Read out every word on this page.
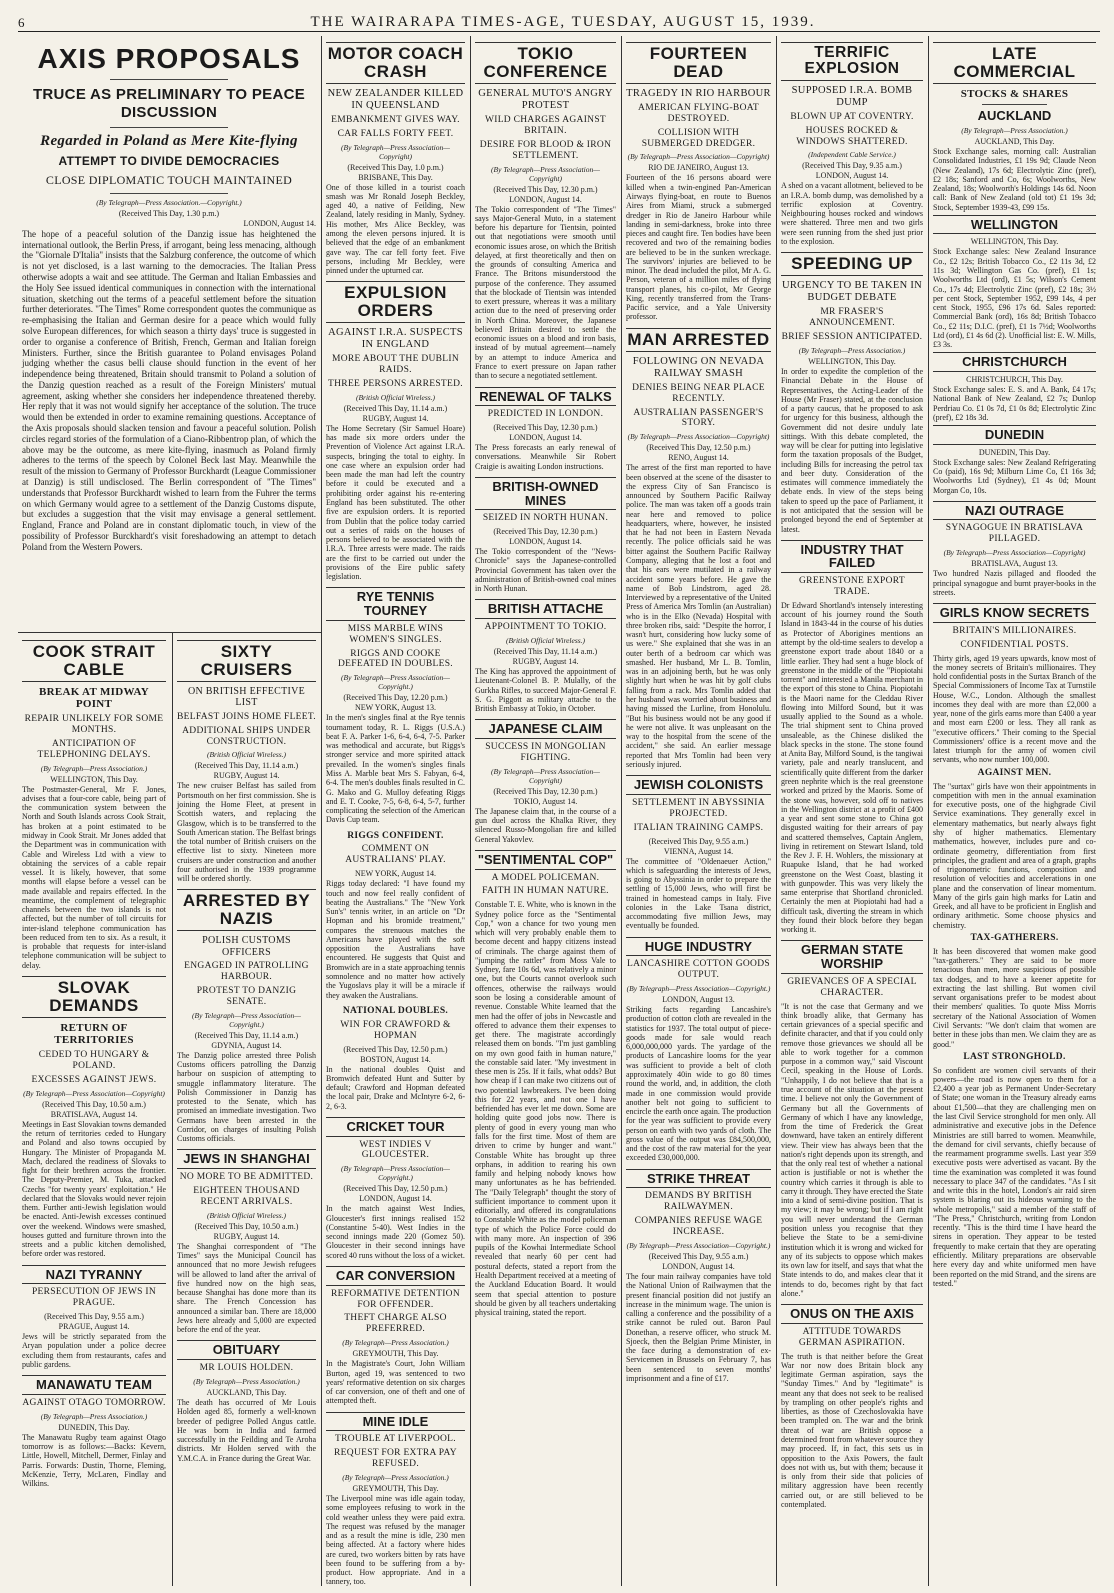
6	THE WAIRARAPA TIMES-AGE, TUESDAY, AUGUST 15, 1939.
AXIS PROPOSALS
TRUCE AS PRELIMINARY TO PEACE DISCUSSION
Regarded in Poland as Mere Kite-flying
ATTEMPT TO DIVIDE DEMOCRACIES
CLOSE DIPLOMATIC TOUCH MAINTAINED
(By Telegraph—Press Association.—Copyright.)
(Received This Day, 1.30 p.m.)
LONDON, August 14.
The hope of a peaceful solution of the Danzig issue has heightened the international outlook, the Berlin Press, if arrogant, being less menacing, although the "Giornale D'Italia" insists that the Salzburg conference, the outcome of which is not yet disclosed, is a last warning to the democracies. The Italian Press otherwise adopts a wait and see attitude. The German and Italian Embassies and the Holy See issued identical communiques in connection with the international situation, sketching out the terms of a peaceful settlement before the situation further deteriorates. "The Times" Rome correspondent quotes the communique as re-emphasising the Italian and German desire for a peace which would fully solve European differences, for which season a thirty days' truce is suggested in order to organise a conference of British, French, German and Italian foreign Ministers. Further, since the British guarantee to Poland envisages Poland judging whether the casus belli clause should function in the event of her independence being threatened, Britain should transmit to Poland a solution of the Danzig question reached as a result of the Foreign Ministers' mutual agreement, asking whether she considers her independence threatened thereby. Her reply that it was not would signify her acceptance of the solution. The truce would then be extended in order to examine remaining questions. Acceptance of the Axis proposals should slacken tension and favour a peaceful solution. Polish circles regard stories of the formulation of a Ciano-Ribbentrop plan, of which the above may be the outcome, as mere kite-flying, inasmuch as Poland firmly adheres to the terms of the speech by Colonel Beck last May. Meanwhile the result of the mission to Germany of Professor Burckhardt (League Commissioner at Danzig) is still undisclosed. The Berlin correspondent of "The Times" understands that Professor Burckhardt wished to learn from the Fuhrer the terms on which Germany would agree to a settlement of the Danzig Customs dispute, but excludes a suggestion that the visit may envisage a general settlement. England, France and Poland are in constant diplomatic touch, in view of the possibility of Professor Burckhardt's visit foreshadowing an attempt to detach Poland from the Western Powers.
COOK STRAIT CABLE
BREAK AT MIDWAY POINT
REPAIR UNLIKELY FOR SOME MONTHS.
ANTICIPATION OF TELEPHONING DELAYS.
(By Telegraph—Press Association.)
WELLINGTON, This Day.
The Postmaster-General, Mr F. Jones, advises that a four-core cable, being part of the communication system between the North and South Islands across Cook Strait, has broken at a point estimated to be midway in Cook Strait. Mr Jones added that the Department was in communication with Cable and Wireless Ltd with a view to obtaining the services of a cable repair vessel. It is likely, however, that some months will elapse before a vessel can be made available and repairs effected. In the meantime, the complement of telegraphic channels between the two islands is not affected, but the number of toll circuits for inter-island telephone communication has been reduced from ten to six. As a result, it is probable that requests for inter-island telephone communication will be subject to delay.
SLOVAK DEMANDS
RETURN OF TERRITORIES
CEDED TO HUNGARY & POLAND.
EXCESSES AGAINST JEWS.
(By Telegraph—Press Association—Copyright)
(Received This Day, 10.50 a.m.)
BRATISLAVA, August 14.
Meetings in East Slovakian towns demanded the return of territories ceded to Hungary and Poland and also towns occupied by Hungary. The Minister of Propaganda M. Mach, declared the readiness of Slovaks to fight for their brethren across the frontier. The Deputy-Premier, M. Tuka, attacked Czechs "for twenty years' exploitation." He declared that the Slovaks would never rejoin them. Further anti-Jewish legislation would be enacted. Anti-Jewish excesses continued over the weekend. Windows were smashed, houses gutted and furniture thrown into the streets and a public kitchen demolished, before order was restored.
NAZI TYRANNY
PERSECUTION OF JEWS IN PRAGUE.
(Received This Day, 9.55 a.m.)
PRAGUE, August 14.
Jews will be strictly separated from the Aryan population under a police decree excluding them from restaurants, cafes and public gardens.
MANAWATU TEAM
AGAINST OTAGO TOMORROW.
(By Telegraph—Press Association.)
DUNEDIN, This Day.
The Manawatu Rugby team against Otago tomorrow is as follows:—Backs: Kevern, Little, Howell, Mitchell, Dermer, Finlay and Parris. Forwards: Dustin, Thorne, Fleming, McKenzie, Terry, McLaren, Findlay and Wilkins.
SIXTY CRUISERS
ON BRITISH EFFECTIVE LIST
BELFAST JOINS HOME FLEET.
ADDITIONAL SHIPS UNDER CONSTRUCTION.
(British Official Wireless.)
(Received This Day, 11.14 a.m.)
RUGBY, August 14.
The new cruiser Belfast has sailed from Portsmouth on her first commission. She is joining the Home Fleet, at present in Scottish waters, and replacing the Glasgow, which is to be transferred to the South American station. The Belfast brings the total number of British cruisers on the effective list to sixty. Nineteen more cruisers are under construction and another four authorised in the 1939 programme will be ordered shortly.
ARRESTED BY NAZIS
POLISH CUSTOMS OFFICERS
ENGAGED IN PATROLLING HARBOUR.
PROTEST TO DANZIG SENATE.
(By Telegraph—Press Association—Copyright.)
(Received This Day, 11.14 a.m.)
GDYNIA, August 14.
The Danzig police arrested three Polish Customs officers patrolling the Danzig harbour on suspicion of attempting to smuggle inflammatory literature. The Polish Commissioner in Danzig has protested to the Senate, which has promised an immediate investigation. Two Germans have been arrested in the Corridor, on charges of insulting Polish Customs officials.
JEWS IN SHANGHAI
NO MORE TO BE ADMITTED.
EIGHTEEN THOUSAND RECENT ARRIVALS.
(British Official Wireless.)
(Received This Day, 10.50 a.m.)
RUGBY, August 14.
The Shanghai correspondent of "The Times" says the Municipal Council has announced that no more Jewish refugees will be allowed to land after the arrival of five hundred now on the high seas, because Shanghai has done more than its share. The French Concession has announced a similar ban. There are 18,000 Jews here already and 5,000 are expected before the end of the year.
OBITUARY
MR LOUIS HOLDEN.
(By Telegraph—Press Association.)
AUCKLAND, This Day.
The death has occurred of Mr Louis Holden aged 85, formerly a well-known breeder of pedigree Polled Angus cattle. He was born in India and farmed successfully in the Feilding and Te Aroha districts. Mr Holden served with the Y.M.C.A. in France during the Great War.
MOTOR COACH CRASH
NEW ZEALANDER KILLED IN QUEENSLAND
EMBANKMENT GIVES WAY.
CAR FALLS FORTY FEET.
(By Telegraph—Press Association—Copyright)
(Received This Day, 1.0 p.m.)
BRISBANE, This Day.
One of those killed in a tourist coach smash was Mr Ronald Joseph Beckley, aged 40, a native of Feilding, New Zealand, lately residing in Manly, Sydney. His mother, Mrs Alice Beckley, was among the eleven persons injured. It is believed that the edge of an embankment gave way. The car fell forty feet. Five persons, including Mr Beckley, were pinned under the upturned car.
EXPULSION ORDERS
AGAINST I.R.A. SUSPECTS IN ENGLAND
MORE ABOUT THE DUBLIN RAIDS.
THREE PERSONS ARRESTED.
(British Official Wireless.)
(Received This Day, 11.14 a.m.)
RUGBY, August 14.
The Home Secretary (Sir Samuel Hoare) has made six more orders under the Prevention of Violence Act against I.R.A. suspects, bringing the total to eighty. In one case where an expulsion order had been made the man had left the country before it could be executed and a prohibiting order against his re-entering England has been substituted. The other five are expulsion orders. It is reported from Dublin that the police today carried out a series of raids on the houses of persons believed to be associated with the I.R.A. Three arrests were made. The raids are the first to be carried out under the provisions of the Eire public safety legislation.
RYE TENNIS TOURNEY
MISS MARBLE WINS WOMEN'S SINGLES.
RIGGS AND COOKE DEFEATED IN DOUBLES.
(By Telegraph—Press Association—Copyright.)
(Received This Day, 12.20 p.m.)
NEW YORK, August 13.
In the men's singles final at the Rye tennis tournament today, R. L. Riggs (U.S.A.) beat F. A. Parker 1-6, 6-4, 6-4, 7-5. Parker was methodical and accurate, but Riggs's stronger service and more spirited attack prevailed. In the women's singles finals Miss A. Marble beat Mrs S. Fabyan, 6-4, 6-4. The men's doubles finals resulted in C. G. Mako and G. Mulloy defeating Riggs and E. T. Cooke, 7-5, 6-8, 6-4, 5-7, further complicating the selection of the American Davis Cup team.
RIGGS CONFIDENT.
COMMENT ON AUSTRALIANS' PLAY.
NEW YORK, August 14.
Riggs today declared: "I have found my touch and now feel really confident of beating the Australians." The "New York Sun's" tennis writer, in an article on "Dr Hopman and his bromide treatment," compares the strenuous matches the Americans have played with the soft opposition the Australians have encountered. He suggests that Quist and Bromwich are in a state approaching tennis somnolence and no matter how actively the Yugoslavs play it will be a miracle if they awaken the Australians.
NATIONAL DOUBLES.
WIN FOR CRAWFORD & HOPMAN
(Received This Day, 12.50 p.m.)
BOSTON, August 14.
In the national doubles Quist and Bromwich defeated Hunt and Sutter by default; Crawford and Hopman defeated the local pair, Drake and McIntyre 6-2, 6-2, 6-3.
CRICKET TOUR
WEST INDIES V GLOUCESTER.
(By Telegraph—Press Association—Copyright.)
(Received This Day, 12.50 p.m.)
LONDON, August 14.
In the match against West Indies, Gloucester's first innings realised 152 (Constantine 5-40). West Indies in the second innings made 220 (Gomez 50). Gloucester in their second innings have scored 40 runs without the loss of a wicket.
CAR CONVERSION
REFORMATIVE DETENTION FOR OFFENDER.
THEFT CHARGE ALSO PREFERRED.
(By Telegraph—Press Association.)
GREYMOUTH, This Day.
In the Magistrate's Court, John William Burton, aged 19, was sentenced to two years' reformative detention on six charges of car conversion, one of theft and one of attempted theft.
MINE IDLE
TROUBLE AT LIVERPOOL.
REQUEST FOR EXTRA PAY REFUSED.
(By Telegraph—Press Association.)
GREYMOUTH, This Day.
The Liverpool mine was idle again today, some employees refusing to work in the cold weather unless they were paid extra. The request was refused by the manager and as a result the mine is idle, 230 men being affected. At a factory where hides are cured, two workers bitten by rats have been found to be suffering from a by-product. How appropriate. And in a tannery, too.
TOKIO CONFERENCE
GENERAL MUTO'S ANGRY PROTEST
WILD CHARGES AGAINST BRITAIN.
DESIRE FOR BLOOD & IRON SETTLEMENT.
(By Telegraph—Press Association—Copyright)
(Received This Day, 12.30 p.m.)
LONDON, August 14.
The Tokio correspondent of "The Times" says Major-General Muto, in a statement before his departure for Tientsin, pointed out that negotiations were smooth until economic issues arose, on which the British delayed, at first theoretically and then on the grounds of consulting America and France. The Britons misunderstood the purpose of the conference. They assumed that the blockade of Tientsin was intended to exert pressure, whereas it was a military action due to the need of preserving order in North China. Moreover, the Japanese believed Britain desired to settle the economic issues on a blood and iron basis, instead of by mutual agreement—namely by an attempt to induce America and France to exert pressure on Japan rather than to secure a negotiated settlement.
RENEWAL OF TALKS
PREDICTED IN LONDON.
(Received This Day, 12.30 p.m.)
LONDON, August 14.
The Press forecasts an early renewal of conversations. Meanwhile Sir Robert Craigie is awaiting London instructions.
BRITISH-OWNED MINES
SEIZED IN NORTH HUNAN.
(Received This Day, 12.30 p.m.)
LONDON, August 14.
The Tokio correspondent of the "News-Chronicle" says the Japanese-controlled Provincial Government has taken over the administration of British-owned coal mines in North Hunan.
BRITISH ATTACHE
APPOINTMENT TO TOKIO.
(British Official Wireless.)
(Received This Day, 11.14 a.m.)
RUGBY, August 14.
The King has approved the appointment of Lieutenant-Colonel B. P. Mulally, of the Gurkha Rifles, to succeed Major-General F. S. G. Piggott as military attache to the British Embassy at Tokio, in October.
JAPANESE CLAIM
SUCCESS IN MONGOLIAN FIGHTING.
(By Telegraph—Press Association—Copyright)
(Received This Day, 12.30 p.m.)
TOKIO, August 14.
The Japanese claim that, in the course of a gun duel across the Khalka River, they silenced Russo-Mongolian fire and killed General Yakovlev.
"SENTIMENTAL COP"
A MODEL POLICEMAN.
FAITH IN HUMAN NATURE.
Constable T. E. White, who is known in the Sydney police force as the "Sentimental Cop," won a chance for two young men which will very probably enable them to become decent and happy citizens instead of criminals. The charge against them of "jumping the rattler" from Moss Vale to Sydney, fare 10s 6d, was relatively a minor one, but the Courts cannot overlook such offences, otherwise the railways would soon be losing a considerable amount of revenue. Constable White learned that the men had the offer of jobs in Newcastle and offered to advance them their expenses to get there. The magistrate accordingly released them on bonds. "I'm just gambling on my own good faith in human nature," the constable said later. "My investment in these men is 25s. If it fails, what odds? But how cheap if I can make two citizens out of two potential lawbreakers. I've been doing this for 22 years, and not one I have befriended has ever let me down. Some are holding quite good jobs now. There is plenty of good in every young man who falls for the first time. Most of them are driven to crime by hunger and want." Constable White has brought up three orphans, in addition to rearing his own family and helping nobody knows how many unfortunates as he has befriended. The "Daily Telegraph" thought the story of sufficient importance to comment upon it editorially, and offered its congratulations to Constable White as the model policeman type of which the Police Force could do with many more. An inspection of 396 pupils of the Kowhai Intermediate School revealed that nearly 60 per cent had postural defects, stated a report from the Health Department received at a meeting of the Auckland Education Board. It would seem that special attention to posture should be given by all teachers undertaking physical training, stated the report.
FOURTEEN DEAD
TRAGEDY IN RIO HARBOUR
AMERICAN FLYING-BOAT DESTROYED.
COLLISION WITH SUBMERGED DREDGER.
(By Telegraph—Press Association—Copyright)
RIO DE JANEIRO, August 13.
Fourteen of the 16 persons aboard were killed when a twin-engined Pan-American Airways flying-boat, en route to Buenos Aires from Miami, struck a submerged dredger in Rio de Janeiro Harbour while landing in semi-darkness, broke into three pieces and caught fire. Ten bodies have been recovered and two of the remaining bodies are believed to be in the sunken wreckage. The survivors' injuries are believed to be minor. The dead included the pilot, Mr A. G. Person, veteran of a million miles of flying transport planes, his co-pilot, Mr George King, recently transferred from the Trans-Pacific service, and a Yale University professor.
MAN ARRESTED
FOLLOWING ON NEVADA RAILWAY SMASH
DENIES BEING NEAR PLACE RECENTLY.
AUSTRALIAN PASSENGER'S STORY.
(By Telegraph—Press Association—Copyright)
(Received This Day, 12.50 p.m.)
RENO, August 14.
The arrest of the first man reported to have been observed at the scene of the disaster to the express City of San Francisco is announced by Southern Pacific Railway police. The man was taken off a goods train near here and removed to police headquarters, where, however, he insisted that he had not been in Eastern Nevada recently. The police officials said he was bitter against the Southern Pacific Railway Company, alleging that he lost a foot and that his ears were mutilated in a railway accident some years before. He gave the name of Bob Lindstrom, aged 28. Interviewed by a representative of the United Press of America Mrs Tomlin (an Australian) who is in the Elko (Nevada) Hospital with three broken ribs, said: "Despite the horror, I wasn't hurt, considering how lucky some of us were." She explained that she was in an outer berth of a bedroom car which was smashed. Her husband, Mr L. B. Tomlin, was in an adjoining berth, but he was only slightly hurt when he was hit by golf clubs falling from a rack. Mrs Tomlin added that her husband was worried about business and having missed the Lurline, from Honolulu. "But his business would not be any good if he were not alive. It was unpleasant on the way to the hospital from the scene of the accident," she said. An earlier message reported that Mrs Tomlin had been very seriously injured.
JEWISH COLONISTS
SETTLEMENT IN ABYSSINIA PROJECTED.
ITALIAN TRAINING CAMPS.
(Received This Day, 9.55 a.m.)
VIENNA, August 14.
The committee of "Oldenaeuer Action," which is safeguarding the interests of Jews, is going to Abyssinia in order to prepare the settling of 15,000 Jews, who will first be trained in homestead camps in Italy. Five colonies in the Lake Tsana district, accommodating five million Jews, may eventually be founded.
HUGE INDUSTRY
LANCASHIRE COTTON GOODS OUTPUT.
(By Telegraph—Press Association—Copyright.)
LONDON, August 13.
Striking facts regarding Lancashire's production of cotton cloth are revealed in the statistics for 1937. The total output of piece-goods made for sale would reach 6,000,000,000 yards. The yardage of the products of Lancashire looms for the year was sufficient to provide a belt of cloth approximately 40in wide to go 80 times round the world, and, in addition, the cloth made in one commission would provide another belt not going to sufficient to encircle the earth once again. The production for the year was sufficient to provide every person on earth with two yards of cloth. The gross value of the output was £84,500,000, and the cost of the raw material for the year exceeded £30,000,000.
STRIKE THREAT
DEMANDS BY BRITISH RAILWAYMEN.
COMPANIES REFUSE WAGE INCREASE.
(By Telegraph—Press Association—Copyright.)
(Received This Day, 9.55 a.m.)
LONDON, August 14.
The four main railway companies have told the National Union of Railwaymen that the present financial position did not justify an increase in the minimum wage. The union is calling a conference and the possibility of a strike cannot be ruled out. Baron Paul Donethan, a reserve officer, who struck M. Sjoeck, then the Belgian Prime Minister, in the face during a demonstration of ex-Servicemen in Brussels on February 7, has been sentenced to seven months' imprisonment and a fine of £17.
TERRIFIC EXPLOSION
SUPPOSED I.R.A. BOMB DUMP
BLOWN UP AT COVENTRY.
HOUSES ROCKED & WINDOWS SHATTERED.
(Independent Cable Service.)
(Received This Day, 9.35 a.m.)
LONDON, August 14.
A shed on a vacant allotment, believed to be an I.R.A. bomb dump, was demolished by a terrific explosion at Coventry. Neighbouring houses rocked and windows were shattered. Three men and two girls were seen running from the shed just prior to the explosion.
SPEEDING UP
URGENCY TO BE TAKEN IN BUDGET DEBATE
MR FRASER'S ANNOUNCEMENT.
BRIEF SESSION ANTICIPATED.
(By Telegraph—Press Association.)
WELLINGTON, This Day.
In order to expedite the completion of the Financial Debate in the House of Representatives, the Acting-Leader of the House (Mr Fraser) stated, at the conclusion of a party caucus, that he proposed to ask for urgency for this business, although the Government did not desire unduly late sittings. With this debate completed, the way will be clear for putting into legislative form the taxation proposals of the Budget, including Bills for increasing the petrol tax and beer duty. Consideration of the estimates will commence immediately the debate ends. In view of the steps being taken to speed up the pace of Parliament, it is not anticipated that the session will be prolonged beyond the end of September at latest.
INDUSTRY THAT FAILED
GREENSTONE EXPORT TRADE.
Dr Edward Shortland's intensely interesting account of his journey round the South Island in 1843-44 in the course of his duties as Protector of Aborigines mentions an attempt by the old-time sealers to develop a greenstone export trade about 1840 or a little earlier. They had sent a huge block of greenstone in the middle of the "Piopiotahi torrent" and interested a Manila merchant in the export of this stone to China. Piopiotahi is the Maori name for the Cleddau River flowing into Milford Sound, but it was usually applied to the Sound as a whole. The trial shipment sent to China proved unsaleable, as the Chinese disliked the black specks in the stone. The stone found at Anita Bay, Milford Sound, is the tangiwai variety, pale and nearly translucent, and scientifically quite different from the darker green nephrite which is the real greenstone worked and prized by the Maoris. Some of the stone was, however, sold off to natives in the Wellington district at a profit of £400 a year and sent some stone to China got disgusted waiting for their arrears of pay and scattered themselves, Captain Anglem, living in retirement on Stewart Island, told the Rev J. F. H. Wohlers, the missionary at Ruapuke Island, that he had worked greenstone on the West Coast, blasting it with gunpowder. This was very likely the same enterprise that Shortland chronicled. Certainly the men at Piopiotahi had had a difficult task, diverting the stream in which they found their block before they began working it.
GERMAN STATE WORSHIP
GRIEVANCES OF A SPECIAL CHARACTER.
"It is not the case that Germany and we think broadly alike, that Germany has certain grievances of a special specific and definite character, and that if you could only remove those grievances we should all be able to work together for a common purpose in a common way," said Viscount Cecil, speaking in the House of Lords. "Unhappily, I do not believe that that is a true account of the situation at the present time. I believe not only the Government of Germany but all the Governments of Germany of which I have any knowledge, from the time of Frederick the Great downward, have taken an entirely different view. Their view has always been that the nation's right depends upon its strength, and that the only real test of whether a national action is justifiable or not is whether the country which carries it through is able to carry it through. They have erected the State into a kind of semi-divine position. That is my view; it may be wrong; but if I am right you will never understand the German position unless you recognise that they believe the State to be a semi-divine institution which it is wrong and wicked for any of its subjects to oppose which makes its own law for itself, and says that what the State intends to do, and makes clear that it intends to do, becomes right by that fact alone."
ONUS ON THE AXIS
ATTITUDE TOWARDS GERMAN ASPIRATION.
The truth is that neither before the Great War nor now does Britain block any legitimate German aspiration, says the "Sunday Times." And by "legitimate" is meant any that does not seek to be realised by trampling on other people's rights and liberties, as those of Czechoslovakia have been trampled on. The war and the brink threat of war are British oppose a determined front from whatever source they may proceed. If, in fact, this sets us in opposition to the Axis Powers, the fault does not with us, but with them; because it is only from their side that policies of military aggression have been recently carried out, or are still believed to be contemplated.
LATE COMMERCIAL
STOCKS & SHARES
AUCKLAND
(By Telegraph—Press Association.)
AUCKLAND, This Day.
Stock Exchange sales, morning call: Australian Consolidated Industries, £1 19s 9d; Claude Neon (New Zealand), 17s 6d; Electrolytic Zinc (pref), £2 18s; Sanford and Co, 6s; Woolworths, New Zealand, 18s; Woolworth's Holdings 14s 6d. Noon call: Bank of New Zealand (old tot) £1 19s 3d; Stock, September 1939-43, £99 15s.
WELLINGTON
WELLINGTON, This Day.
Stock Exchange sales: New Zealand Insurance Co., £2 12s; British Tobacco Co., £2 11s 3d, £2 11s 3d; Wellington Gas Co. (pref), £1 1s; Woolworths Ltd (ord), £1 5s; Wilson's Cement Co., 17s 4d; Electrolytic Zinc (pref), £2 18s; 3½ per cent Stock, September 1952, £99 14s, 4 per cent Stock, 1955, £96 17s 6d. Sales reported: Commercial Bank (ord), 16s 8d; British Tobacco Co., £2 11s; D.I.C. (pref), £1 1s 7½d; Woolworths Ltd (ord), £1 4s 6d (2). Unofficial list: E. W. Mills, £3 3s.
CHRISTCHURCH
CHRISTCHURCH, This Day.
Stock Exchange sales: E. S. and A. Bank, £4 17s; National Bank of New Zealand, £2 7s; Dunlop Perdriau Co. £1 0s 7d, £1 0s 8d; Electrolytic Zinc (pref), £2 18s 3d.
DUNEDIN
DUNEDIN, This Day.
Stock Exchange sales: New Zealand Refrigerating Co (paid), 16s 9d; Milburn Lime Co, £1 16s 3d; Woolworths Ltd (Sydney), £1 4s 0d; Mount Morgan Co, 10s.
NAZI OUTRAGE
SYNAGOGUE IN BRATISLAVA PILLAGED.
(By Telegraph—Press Association—Copyright)
BRATISLAVA, August 13.
Two hundred Nazis pillaged and flooded the principal synagogue and burnt prayer-books in the streets.
GIRLS KNOW SECRETS
BRITAIN'S MILLIONAIRES.
CONFIDENTIAL POSTS.
Thirty girls, aged 19 years upwards, know most of the money secrets of Britain's millionaires. They hold confidential posts in the Surtax Branch of the Special Commissioners of Income Tax at Turnstile House, W.C., London. Although the smallest incomes they deal with are more than £2,000 a year, none of the girls earns more than £400 a year and most earn £200 or less. They all rank as "executive officers." Their coming to the Special Commissioners' office is a recent move and the latest triumph for the army of women civil servants, who now number 100,000.
AGAINST MEN.
The "surtax" girls have won their appointments in competition with men in the annual examination for executive posts, one of the highgrade Civil Service examinations. They generally excel in elementary mathematics, but nearly always fight shy of higher mathematics. Elementary mathematics, however, includes pure and co-ordinate geometry, differentiation from first principles, the gradient and area of a graph, graphs of trigonometric functions, composition and resolution of velocities and accelerations in one plane and the conservation of linear momentum. Many of the girls gain high marks for Latin and Greek, and all have to be proficient in English and ordinary arithmetic. Some choose physics and chemistry.
TAX-GATHERERS.
It has been discovered that women make good "tax-gatherers." They are said to be more tenacious than men, more suspicious of possible tax dodges, and to have a keener appetite for extracting the last shilling. But women civil servant organisations prefer to be modest about their members' qualities. To quote Miss Morris secretary of the National Association of Women Civil Servants: "We don't claim that women are better in these jobs than men. We claim they are as good."
LAST STRONGHOLD.
So confident are women civil servants of their powers—the road is now open to them for a £2,400 a year job as Permanent Under-Secretary of State; one woman in the Treasury already earns about £1,500—that they are challenging men on the last Civil Service stronghold for men only. All administrative and executive jobs in the Defence Ministries are still barred to women. Meanwhile, the demand for civil servants, chiefly because of the rearmament programme swells. Last year 359 executive posts were advertised as vacant. By the time the examination was completed it was found necessary to place 347 of the candidates. "As I sit and write this in the hotel, London's air raid siren system is blaring out its hideous warning to the whole metropolis," said a member of the staff of "The Press," Christchurch, writing from London recently. "This is the third time I have heard the sirens in operation. They appear to be tested frequently to make certain that they are operating efficiently. Military preparations are observable here every day and white uniformed men have been reported on the mid Strand, and the sirens are tested."
